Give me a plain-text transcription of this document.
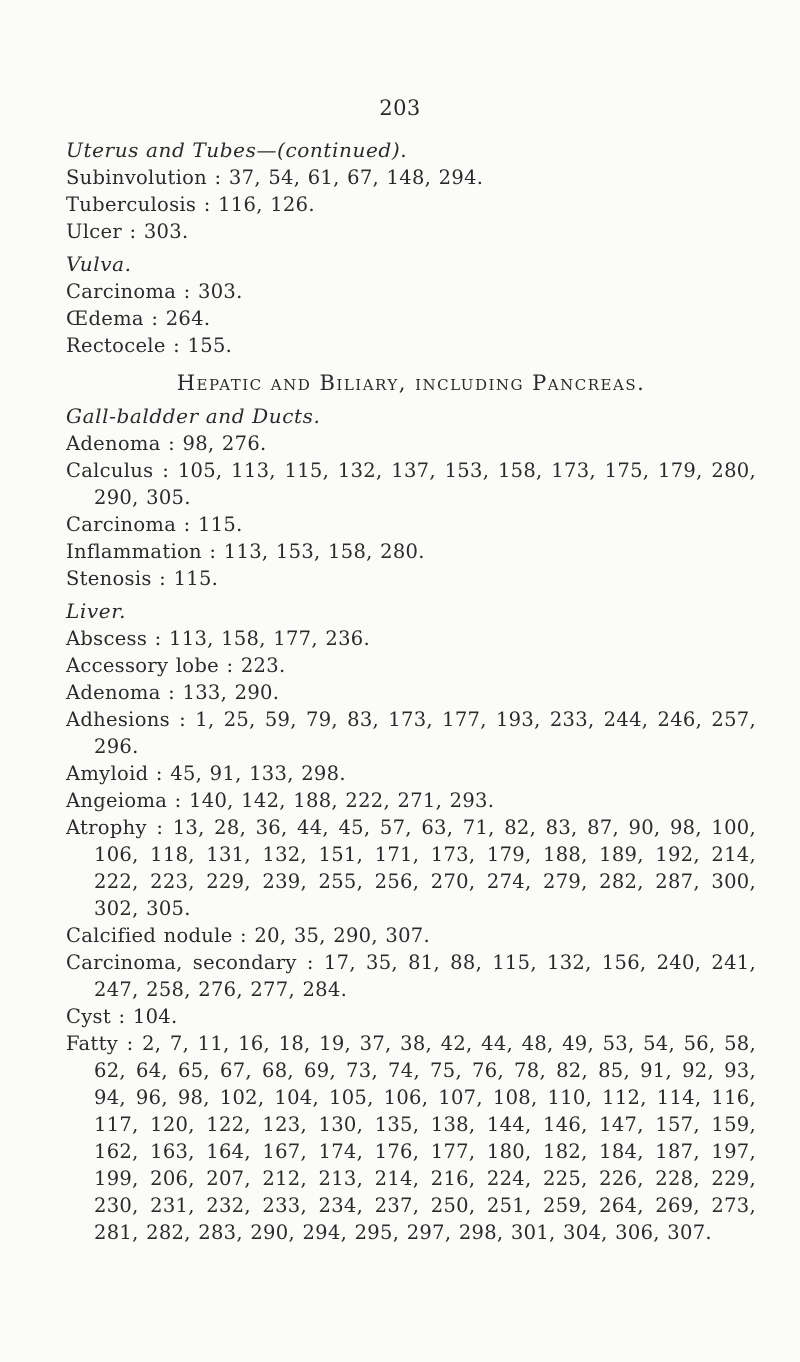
203
Uterus and Tubes—(continued).
Subinvolution : 37, 54, 61, 67, 148, 294.
Tuberculosis : 116, 126.
Ulcer : 303.
Vulva.
Carcinoma : 303.
Œdema : 264.
Rectocele : 155.
Hepatic and Biliary, including Pancreas.
Gall-baldder and Ducts.
Adenoma : 98, 276.
Calculus : 105, 113, 115, 132, 137, 153, 158, 173, 175, 179, 280, 290, 305.
Carcinoma : 115.
Inflammation : 113, 153, 158, 280.
Stenosis : 115.
Liver.
Abscess : 113, 158, 177, 236.
Accessory lobe : 223.
Adenoma : 133, 290.
Adhesions : 1, 25, 59, 79, 83, 173, 177, 193, 233, 244, 246, 257, 296.
Amyloid : 45, 91, 133, 298.
Angeioma : 140, 142, 188, 222, 271, 293.
Atrophy : 13, 28, 36, 44, 45, 57, 63, 71, 82, 83, 87, 90, 98, 100, 106, 118, 131, 132, 151, 171, 173, 179, 188, 189, 192, 214, 222, 223, 229, 239, 255, 256, 270, 274, 279, 282, 287, 300, 302, 305.
Calcified nodule : 20, 35, 290, 307.
Carcinoma, secondary : 17, 35, 81, 88, 115, 132, 156, 240, 241, 247, 258, 276, 277, 284.
Cyst : 104.
Fatty : 2, 7, 11, 16, 18, 19, 37, 38, 42, 44, 48, 49, 53, 54, 56, 58, 62, 64, 65, 67, 68, 69, 73, 74, 75, 76, 78, 82, 85, 91, 92, 93, 94, 96, 98, 102, 104, 105, 106, 107, 108, 110, 112, 114, 116, 117, 120, 122, 123, 130, 135, 138, 144, 146, 147, 157, 159, 162, 163, 164, 167, 174, 176, 177, 180, 182, 184, 187, 197, 199, 206, 207, 212, 213, 214, 216, 224, 225, 226, 228, 229, 230, 231, 232, 233, 234, 237, 250, 251, 259, 264, 269, 273, 281, 282, 283, 290, 294, 295, 297, 298, 301, 304, 306, 307.
